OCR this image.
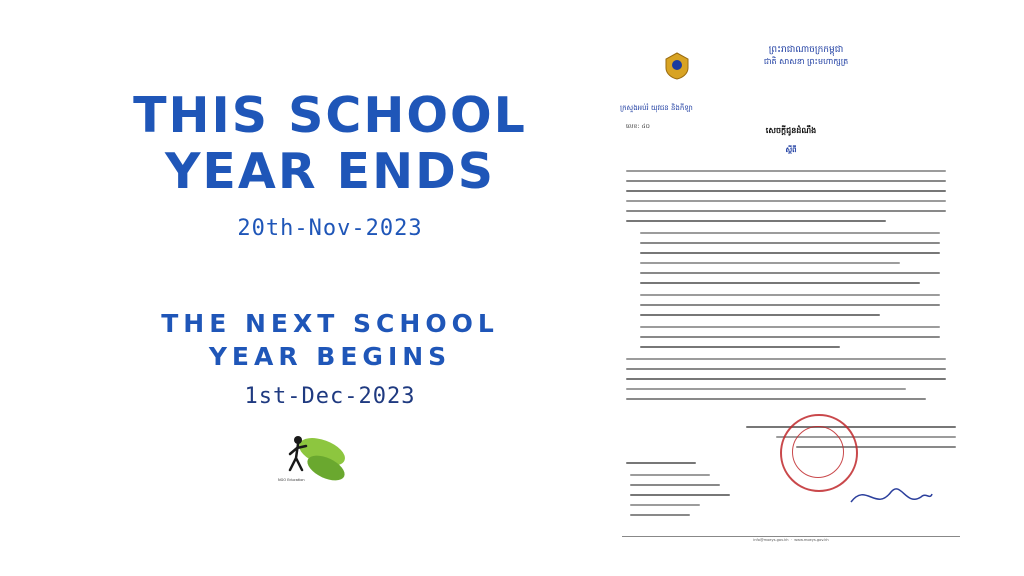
THIS SCHOOL
YEAR ENDS
20th-Nov-2023
THE NEXT SCHOOL
YEAR BEGINS
1st-Dec-2023
NGO Education
ព្រះរាជាណាចក្រកម្ពុជា
ជាតិ សាសនា ព្រះមហាក្សត្រ
ក្រសួងអប់រំ យុវជន និងកីឡា
លេខ: ៤០	សេចក្តីជូនដំណឹង
ស្តីពី
info@moeys.gov.kh  ·  www.moeys.gov.kh
